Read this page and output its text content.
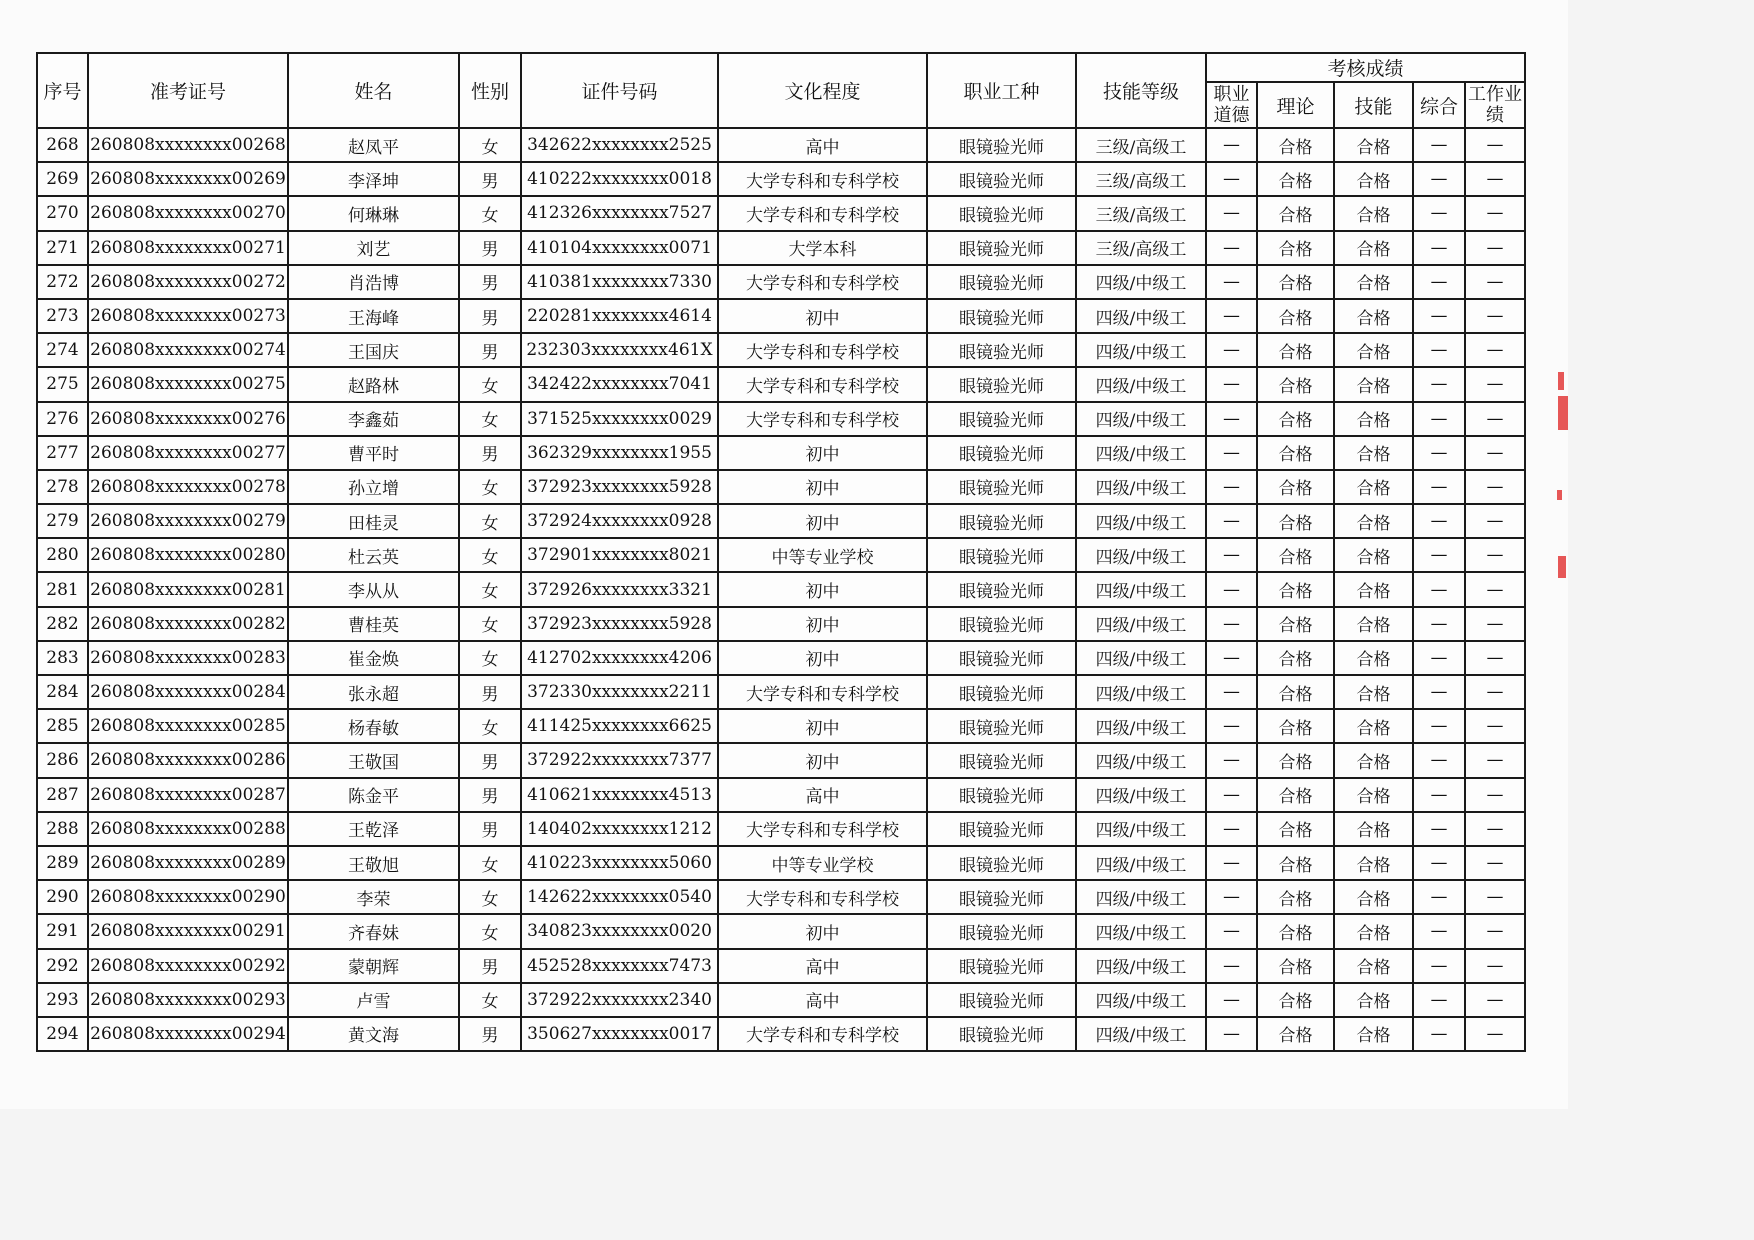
序号	准考证号	姓名	性别	证件号码	文化程度	职业工种	技能等级	考核成绩				
								职业道德	理论	技能	综合	工作业绩
268	260808xxxxxxxx00268	赵凤平	女	342622xxxxxxxx2525	高中	眼镜验光师	三级/高级工	—	合格	合格	—	—
269	260808xxxxxxxx00269	李泽坤	男	410222xxxxxxxx0018	大学专科和专科学校	眼镜验光师	三级/高级工	—	合格	合格	—	—
270	260808xxxxxxxx00270	何琳琳	女	412326xxxxxxxx7527	大学专科和专科学校	眼镜验光师	三级/高级工	—	合格	合格	—	—
271	260808xxxxxxxx00271	刘艺	男	410104xxxxxxxx0071	大学本科	眼镜验光师	三级/高级工	—	合格	合格	—	—
272	260808xxxxxxxx00272	肖浩博	男	410381xxxxxxxx7330	大学专科和专科学校	眼镜验光师	四级/中级工	—	合格	合格	—	—
273	260808xxxxxxxx00273	王海峰	男	220281xxxxxxxx4614	初中	眼镜验光师	四级/中级工	—	合格	合格	—	—
274	260808xxxxxxxx00274	王国庆	男	232303xxxxxxxx461X	大学专科和专科学校	眼镜验光师	四级/中级工	—	合格	合格	—	—
275	260808xxxxxxxx00275	赵路林	女	342422xxxxxxxx7041	大学专科和专科学校	眼镜验光师	四级/中级工	—	合格	合格	—	—
276	260808xxxxxxxx00276	李鑫茹	女	371525xxxxxxxx0029	大学专科和专科学校	眼镜验光师	四级/中级工	—	合格	合格	—	—
277	260808xxxxxxxx00277	曹平时	男	362329xxxxxxxx1955	初中	眼镜验光师	四级/中级工	—	合格	合格	—	—
278	260808xxxxxxxx00278	孙立增	女	372923xxxxxxxx5928	初中	眼镜验光师	四级/中级工	—	合格	合格	—	—
279	260808xxxxxxxx00279	田桂灵	女	372924xxxxxxxx0928	初中	眼镜验光师	四级/中级工	—	合格	合格	—	—
280	260808xxxxxxxx00280	杜云英	女	372901xxxxxxxx8021	中等专业学校	眼镜验光师	四级/中级工	—	合格	合格	—	—
281	260808xxxxxxxx00281	李从从	女	372926xxxxxxxx3321	初中	眼镜验光师	四级/中级工	—	合格	合格	—	—
282	260808xxxxxxxx00282	曹桂英	女	372923xxxxxxxx5928	初中	眼镜验光师	四级/中级工	—	合格	合格	—	—
283	260808xxxxxxxx00283	崔金焕	女	412702xxxxxxxx4206	初中	眼镜验光师	四级/中级工	—	合格	合格	—	—
284	260808xxxxxxxx00284	张永超	男	372330xxxxxxxx2211	大学专科和专科学校	眼镜验光师	四级/中级工	—	合格	合格	—	—
285	260808xxxxxxxx00285	杨春敏	女	411425xxxxxxxx6625	初中	眼镜验光师	四级/中级工	—	合格	合格	—	—
286	260808xxxxxxxx00286	王敬国	男	372922xxxxxxxx7377	初中	眼镜验光师	四级/中级工	—	合格	合格	—	—
287	260808xxxxxxxx00287	陈金平	男	410621xxxxxxxx4513	高中	眼镜验光师	四级/中级工	—	合格	合格	—	—
288	260808xxxxxxxx00288	王乾泽	男	140402xxxxxxxx1212	大学专科和专科学校	眼镜验光师	四级/中级工	—	合格	合格	—	—
289	260808xxxxxxxx00289	王敬旭	女	410223xxxxxxxx5060	中等专业学校	眼镜验光师	四级/中级工	—	合格	合格	—	—
290	260808xxxxxxxx00290	李荣	女	142622xxxxxxxx0540	大学专科和专科学校	眼镜验光师	四级/中级工	—	合格	合格	—	—
291	260808xxxxxxxx00291	齐春妹	女	340823xxxxxxxx0020	初中	眼镜验光师	四级/中级工	—	合格	合格	—	—
292	260808xxxxxxxx00292	蒙朝辉	男	452528xxxxxxxx7473	高中	眼镜验光师	四级/中级工	—	合格	合格	—	—
293	260808xxxxxxxx00293	卢雪	女	372922xxxxxxxx2340	高中	眼镜验光师	四级/中级工	—	合格	合格	—	—
294	260808xxxxxxxx00294	黄文海	男	350627xxxxxxxx0017	大学专科和专科学校	眼镜验光师	四级/中级工	—	合格	合格	—	—
